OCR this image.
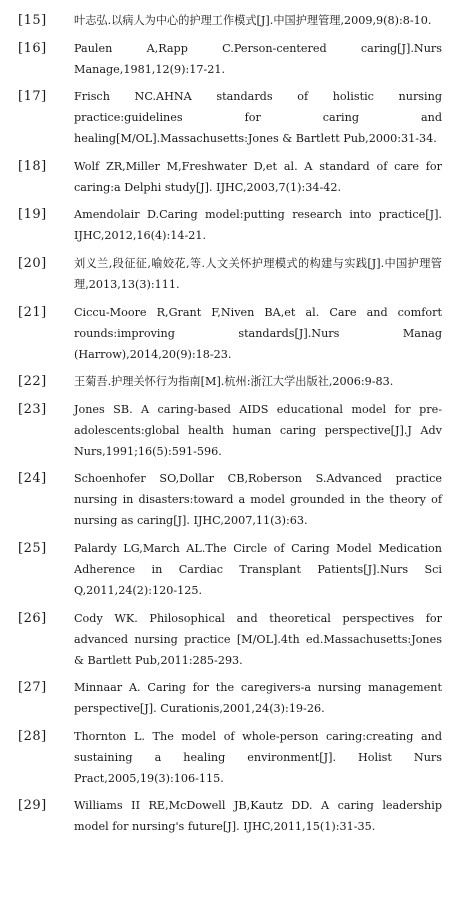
[15]	叶志弘.以病人为中心的护理工作模式[J].中国护理管理,2009,9(8):8-10.
[16]	Paulen A,Rapp C.Person-centered caring[J].Nurs Manage,1981,12(9):17-21.
[17]	Frisch NC.AHNA standards of holistic nursing practice:guidelines for caring and healing[M/OL].Massachusetts:Jones & Bartlett Pub,2000:31-34.
[18]	Wolf ZR,Miller M,Freshwater D,et al. A standard of care for caring:a Delphi study[J]. IJHC,2003,7(1):34-42.
[19]	Amendolair D.Caring model:putting research into practice[J]. IJHC,2012,16(4):14-21.
[20]	刘义兰,段征征,喻姣花,等.人文关怀护理模式的构建与实践[J].中国护理管理,2013,13(3):111.
[21]	Ciccu-Moore R,Grant F,Niven BA,et al. Care and comfort rounds:improving standards[J].Nurs Manag (Harrow),2014,20(9):18-23.
[22]	王菊吾.护理关怀行为指南[M].杭州:浙江大学出版社,2006:9-83.
[23]	Jones SB. A caring-based AIDS educational model for pre-adolescents:global health human caring perspective[J].J Adv Nurs,1991;16(5):591-596.
[24]	Schoenhofer SO,Dollar CB,Roberson S.Advanced practice nursing in disasters:toward a model grounded in the theory of nursing as caring[J]. IJHC,2007,11(3):63.
[25]	Palardy LG,March AL.The Circle of Caring Model Medication Adherence in Cardiac Transplant Patients[J].Nurs Sci Q,2011,24(2):120-125.
[26]	Cody WK. Philosophical and theoretical perspectives for advanced nursing practice [M/OL].4th ed.Massachusetts:Jones & Bartlett Pub,2011:285-293.
[27]	Minnaar A. Caring for the caregivers-a nursing management perspective[J]. Curationis,2001,24(3):19-26.
[28]	Thornton L. The model of whole-person caring:creating and sustaining a healing environment[J]. Holist Nurs Pract,2005,19(3):106-115.
[29]	Williams II RE,McDowell JB,Kautz DD. A caring leadership model for nursing's future[J]. IJHC,2011,15(1):31-35.
